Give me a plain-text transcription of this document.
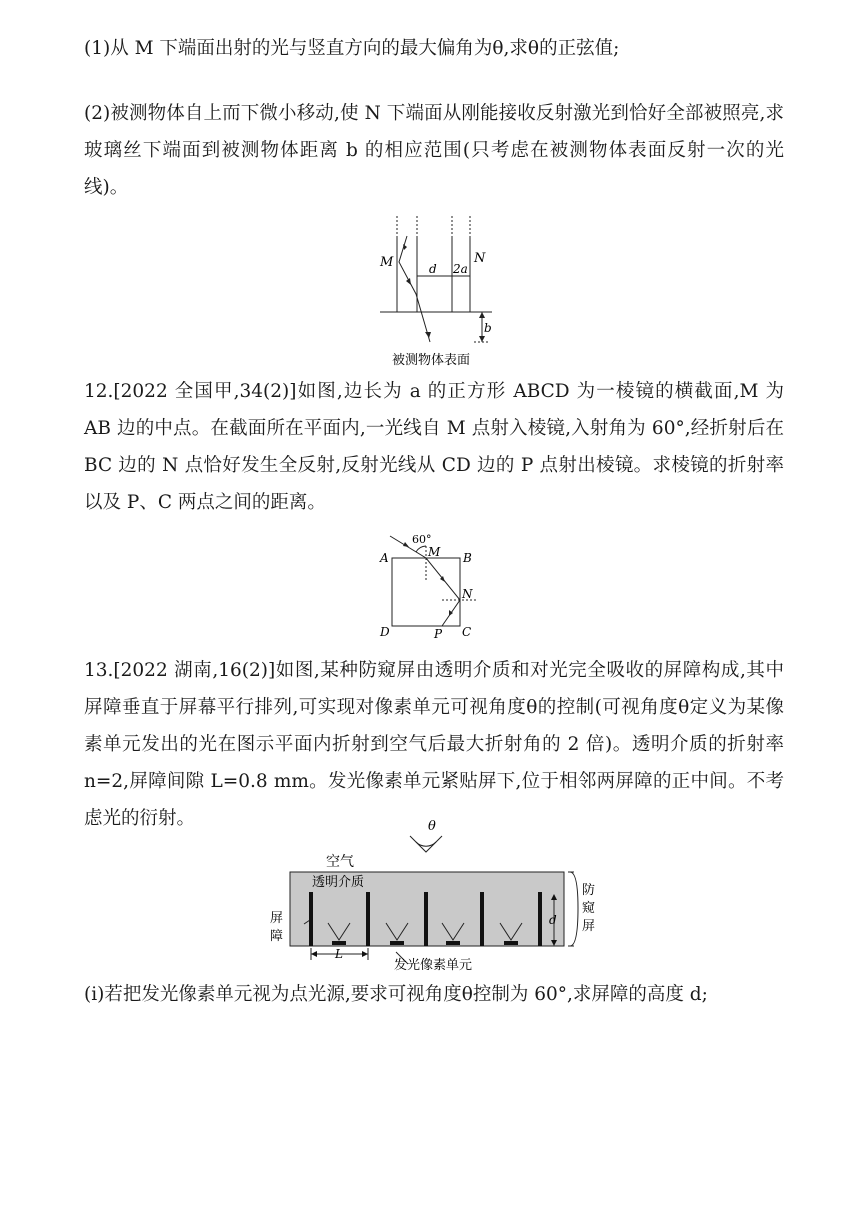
(1)从 M 下端面出射的光与竖直方向的最大偏角为θ,求θ的正弦值;

(2)被测物体自上而下微小移动,使 N 下端面从刚能接收反射激光到恰好全部被照亮,求玻璃丝下端面到被测物体距离 b 的相应范围(只考虑在被测物体表面反射一次的光线)。

M	N
d 2a
b
被测物体表面

12.[2022 全国甲,34(2)]如图,边长为 a 的正方形 ABCD 为一棱镜的横截面,M 为 AB 边的中点。在截面所在平面内,一光线自 M 点射入棱镜,入射角为 60°,经折射后在 BC 边的 N 点恰好发生全反射,反射光线从 CD 边的 P 点射出棱镜。求棱镜的折射率以及 P、C 两点之间的距离。

60°
M
A	B
N
D	P C

13.[2022 湖南,16(2)]如图,某种防窥屏由透明介质和对光完全吸收的屏障构成,其中屏障垂直于屏幕平行排列,可实现对像素单元可视角度θ的控制(可视角度θ定义为某像素单元发出的光在图示平面内折射到空气后最大折射角的 2 倍)。透明介质的折射率 n=2,屏障间隙 L=0.8 mm。发光像素单元紧贴屏下,位于相邻两屏障的正中间。不考虑光的衍射。	θ
空气
透明介质
屏
障
d
防
窥
屏
L
发光像素单元

(i)若把发光像素单元视为点光源,要求可视角度θ控制为 60°,求屏障的高度 d;
